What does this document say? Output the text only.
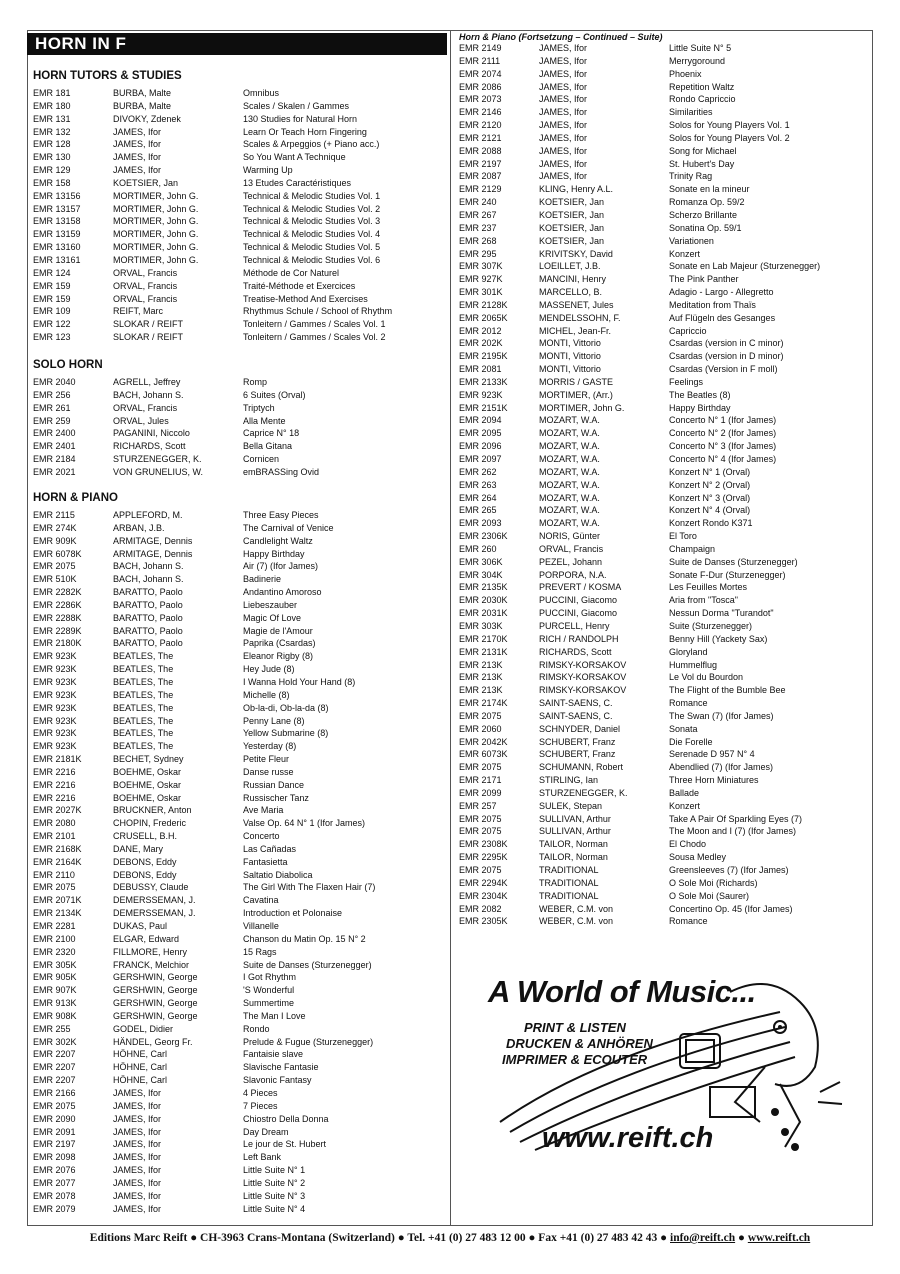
HORN IN F
HORN TUTORS & STUDIES
EMR 181	BURBA, Malte	Omnibus
EMR 180	BURBA, Malte	Scales / Skalen / Gammes
EMR 131	DIVOKY, Zdenek	130 Studies for Natural Horn
EMR 132	JAMES, Ifor	Learn Or Teach Horn Fingering
EMR 128	JAMES, Ifor	Scales & Arpeggios (+ Piano acc.)
EMR 130	JAMES, Ifor	So You Want A Technique
EMR 129	JAMES, Ifor	Warming Up
EMR 158	KOETSIER, Jan	13 Etudes Caractéristiques
EMR 13156	MORTIMER, John G.	Technical & Melodic Studies Vol. 1
EMR 13157	MORTIMER, John G.	Technical & Melodic Studies Vol. 2
EMR 13158	MORTIMER, John G.	Technical & Melodic Studies Vol. 3
EMR 13159	MORTIMER, John G.	Technical & Melodic Studies Vol. 4
EMR 13160	MORTIMER, John G.	Technical & Melodic Studies Vol. 5
EMR 13161	MORTIMER, John G.	Technical & Melodic Studies Vol. 6
EMR 124	ORVAL, Francis	Méthode de Cor Naturel
EMR 159	ORVAL, Francis	Traité-Méthode et Exercices
EMR 159	ORVAL, Francis	Treatise-Method And Exercises
EMR 109	REIFT, Marc	Rhythmus Schule / School of Rhythm
EMR 122	SLOKAR / REIFT	Tonleitern / Gammes / Scales Vol. 1
EMR 123	SLOKAR / REIFT	Tonleitern / Gammes / Scales Vol. 2
SOLO HORN
EMR 2040	AGRELL, Jeffrey	Romp
EMR 256	BACH, Johann S.	6 Suites (Orval)
EMR 261	ORVAL, Francis	Triptych
EMR 259	ORVAL, Jules	Alla Mente
EMR 2400	PAGANINI, Niccolo	Caprice N° 18
EMR 2401	RICHARDS, Scott	Bella Gitana
EMR 2184	STURZENEGGER, K.	Cornicen
EMR 2021	VON GRUNELIUS, W.	emBRASSing Ovid
HORN & PIANO
EMR 2115	APPLEFORD, M.	Three Easy Pieces
EMR 274K	ARBAN, J.B.	The Carnival of Venice
EMR 909K	ARMITAGE, Dennis	Candlelight Waltz
EMR 6078K	ARMITAGE, Dennis	Happy Birthday
EMR 2075	BACH, Johann S.	Air (7) (Ifor James)
EMR 510K	BACH, Johann S.	Badinerie
EMR 2282K	BARATTO, Paolo	Andantino Amoroso
EMR 2286K	BARATTO, Paolo	Liebeszauber
EMR 2288K	BARATTO, Paolo	Magic Of Love
EMR 2289K	BARATTO, Paolo	Magie de l'Amour
EMR 2180K	BARATTO, Paolo	Paprika (Csardas)
EMR 923K	BEATLES, The	Eleanor Rigby (8)
EMR 923K	BEATLES, The	Hey Jude (8)
EMR 923K	BEATLES, The	I Wanna Hold Your Hand (8)
EMR 923K	BEATLES, The	Michelle (8)
EMR 923K	BEATLES, The	Ob-la-di, Ob-la-da (8)
EMR 923K	BEATLES, The	Penny Lane (8)
EMR 923K	BEATLES, The	Yellow Submarine (8)
EMR 923K	BEATLES, The	Yesterday (8)
EMR 2181K	BECHET, Sydney	Petite Fleur
EMR 2216	BOEHME, Oskar	Danse russe
EMR 2216	BOEHME, Oskar	Russian Dance
EMR 2216	BOEHME, Oskar	Russischer Tanz
EMR 2027K	BRUCKNER, Anton	Ave Maria
EMR 2080	CHOPIN, Frederic	Valse Op. 64 N° 1 (Ifor James)
EMR 2101	CRUSELL, B.H.	Concerto
EMR 2168K	DANE, Mary	Las Cañadas
EMR 2164K	DEBONS, Eddy	Fantasietta
EMR 2110	DEBONS, Eddy	Saltatio Diabolica
EMR 2075	DEBUSSY, Claude	The Girl With The Flaxen Hair (7)
EMR 2071K	DEMERSSEMAN, J.	Cavatina
EMR 2134K	DEMERSSEMAN, J.	Introduction et Polonaise
EMR 2281	DUKAS, Paul	Villanelle
EMR 2100	ELGAR, Edward	Chanson du Matin Op. 15 N° 2
EMR 2320	FILLMORE, Henry	15 Rags
EMR 305K	FRANCK, Melchior	Suite de Danses (Sturzenegger)
EMR 905K	GERSHWIN, George	I Got Rhythm
EMR 907K	GERSHWIN, George	'S Wonderful
EMR 913K	GERSHWIN, George	Summertime
EMR 908K	GERSHWIN, George	The Man I Love
EMR 255	GODEL, Didier	Rondo
EMR 302K	HÄNDEL, Georg Fr.	Prelude & Fugue (Sturzenegger)
EMR 2207	HÖHNE, Carl	Fantaisie slave
EMR 2207	HÖHNE, Carl	Slavische Fantasie
EMR 2207	HÖHNE, Carl	Slavonic Fantasy
EMR 2166	JAMES, Ifor	4 Pieces
EMR 2075	JAMES, Ifor	7 Pieces
EMR 2090	JAMES, Ifor	Chiostro Della Donna
EMR 2091	JAMES, Ifor	Day Dream
EMR 2197	JAMES, Ifor	Le jour de St. Hubert
EMR 2098	JAMES, Ifor	Left Bank
EMR 2076	JAMES, Ifor	Little Suite N° 1
EMR 2077	JAMES, Ifor	Little Suite N° 2
EMR 2078	JAMES, Ifor	Little Suite N° 3
EMR 2079	JAMES, Ifor	Little Suite N° 4
Horn & Piano (Fortsetzung – Continued – Suite)
EMR 2149	JAMES, Ifor	Little Suite N° 5
EMR 2111	JAMES, Ifor	Merrygoround
EMR 2074	JAMES, Ifor	Phoenix
EMR 2086	JAMES, Ifor	Repetition Waltz
EMR 2073	JAMES, Ifor	Rondo Capriccio
EMR 2146	JAMES, Ifor	Similarities
EMR 2120	JAMES, Ifor	Solos for Young Players Vol. 1
EMR 2121	JAMES, Ifor	Solos for Young Players Vol. 2
EMR 2088	JAMES, Ifor	Song for Michael
EMR 2197	JAMES, Ifor	St. Hubert's Day
EMR 2087	JAMES, Ifor	Trinity Rag
EMR 2129	KLING, Henry A.L.	Sonate en la mineur
EMR 240	KOETSIER, Jan	Romanza Op. 59/2
EMR 267	KOETSIER, Jan	Scherzo Brillante
EMR 237	KOETSIER, Jan	Sonatina Op. 59/1
EMR 268	KOETSIER, Jan	Variationen
EMR 295	KRIVITSKY, David	Konzert
EMR 307K	LOEILLET, J.B.	Sonate en Lab Majeur (Sturzenegger)
EMR 927K	MANCINI, Henry	The Pink Panther
EMR 301K	MARCELLO, B.	Adagio - Largo - Allegretto
EMR 2128K	MASSENET, Jules	Meditation from Thaïs
EMR 2065K	MENDELSSOHN, F.	Auf Flügeln des Gesanges
EMR 2012	MICHEL, Jean-Fr.	Capriccio
EMR 202K	MONTI, Vittorio	Csardas (version in C minor)
EMR 2195K	MONTI, Vittorio	Csardas (version in D minor)
EMR 2081	MONTI, Vittorio	Csardas (Version in F moll)
EMR 2133K	MORRIS / GASTE	Feelings
EMR 923K	MORTIMER, (Arr.)	The Beatles (8)
EMR 2151K	MORTIMER, John G.	Happy Birthday
EMR 2094	MOZART, W.A.	Concerto N° 1 (Ifor James)
EMR 2095	MOZART, W.A.	Concerto N° 2 (Ifor James)
EMR 2096	MOZART, W.A.	Concerto N° 3 (Ifor James)
EMR 2097	MOZART, W.A.	Concerto N° 4 (Ifor James)
EMR 262	MOZART, W.A.	Konzert N° 1 (Orval)
EMR 263	MOZART, W.A.	Konzert N° 2 (Orval)
EMR 264	MOZART, W.A.	Konzert N° 3 (Orval)
EMR 265	MOZART, W.A.	Konzert N° 4 (Orval)
EMR 2093	MOZART, W.A.	Konzert Rondo K371
EMR 2306K	NORIS, Günter	El Toro
EMR 260	ORVAL, Francis	Champaign
EMR 306K	PEZEL, Johann	Suite de Danses (Sturzenegger)
EMR 304K	PORPORA, N.A.	Sonate F-Dur (Sturzenegger)
EMR 2135K	PREVERT / KOSMA	Les Feuilles Mortes
EMR 2030K	PUCCINI, Giacomo	Aria from "Tosca"
EMR 2031K	PUCCINI, Giacomo	Nessun Dorma "Turandot"
EMR 303K	PURCELL, Henry	Suite (Sturzenegger)
EMR 2170K	RICH / RANDOLPH	Benny Hill (Yackety Sax)
EMR 2131K	RICHARDS, Scott	Gloryland
EMR 213K	RIMSKY-KORSAKOV	Hummelflug
EMR 213K	RIMSKY-KORSAKOV	Le Vol du Bourdon
EMR 213K	RIMSKY-KORSAKOV	The Flight of the Bumble Bee
EMR 2174K	SAINT-SAENS, C.	Romance
EMR 2075	SAINT-SAENS, C.	The Swan (7) (Ifor James)
EMR 2060	SCHNYDER, Daniel	Sonata
EMR 2042K	SCHUBERT, Franz	Die Forelle
EMR 6073K	SCHUBERT, Franz	Serenade D 957 N° 4
EMR 2075	SCHUMANN, Robert	Abendlied (7) (Ifor James)
EMR 2171	STIRLING, Ian	Three Horn Miniatures
EMR 2099	STURZENEGGER, K.	Ballade
EMR 257	SULEK, Stepan	Konzert
EMR 2075	SULLIVAN, Arthur	Take A Pair Of Sparkling Eyes (7)
EMR 2075	SULLIVAN, Arthur	The Moon and I (7) (Ifor James)
EMR 2308K	TAILOR, Norman	El Chodo
EMR 2295K	TAILOR, Norman	Sousa Medley
EMR 2075	TRADITIONAL	Greensleeves (7) (Ifor James)
EMR 2294K	TRADITIONAL	O Sole Moi (Richards)
EMR 2304K	TRADITIONAL	O Sole Moi (Saurer)
EMR 2082	WEBER, C.M. von	Concertino Op. 45 (Ifor James)
EMR 2305K	WEBER, C.M. von	Romance
A World of Music...
PRINT & LISTEN
DRUCKEN & ANHÖREN
IMPRIMER & ECOUTER
www.reift.ch
Editions Marc Reift ● CH-3963 Crans-Montana (Switzerland) ● Tel. +41 (0) 27 483 12 00 ● Fax +41 (0) 27 483 42 43 ● info@reift.ch ● www.reift.ch
